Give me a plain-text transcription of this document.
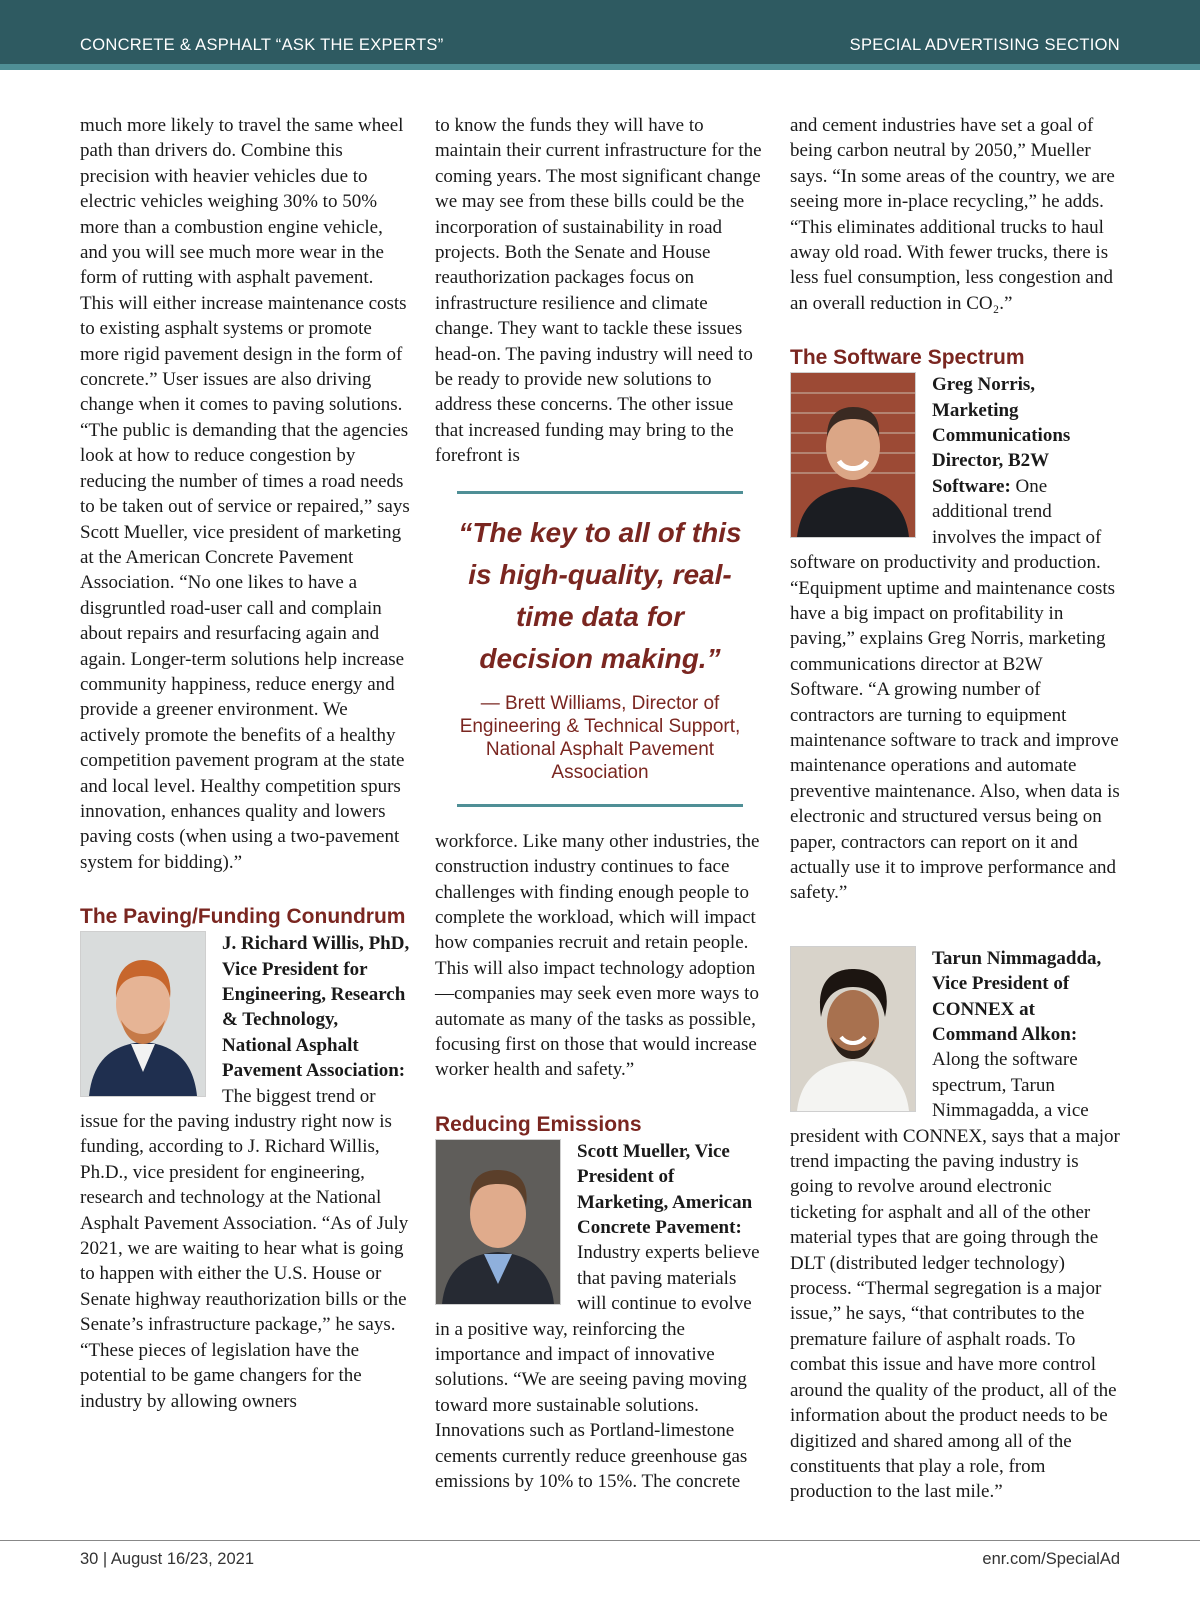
CONCRETE & ASPHALT “ASK THE EXPERTS”	SPECIAL ADVERTISING SECTION

much more likely to travel the same wheel path than drivers do. Combine this precision with heavier vehicles due to electric vehicles weighing 30% to 50% more than a combustion engine vehicle, and you will see much more wear in the form of rutting with asphalt pavement. This will either increase maintenance costs to existing asphalt systems or promote more rigid pavement design in the form of concrete.” User issues are also driving change when it comes to paving solutions. “The public is demanding that the agencies look at how to reduce congestion by reducing the number of times a road needs to be taken out of service or repaired,” says Scott Mueller, vice president of marketing at the American Concrete Pavement Association. “No one likes to have a disgruntled road-user call and complain about repairs and resurfacing again and again. Longer-term solutions help increase community happiness, reduce energy and provide a greener environment. We actively promote the benefits of a healthy competition pavement program at the state and local level. Healthy competition spurs innovation, enhances quality and lowers paving costs (when using a two-pavement system for bidding).”

The Paving/Funding Conundrum

J. Richard Willis, PhD, Vice President for Engineering, Research & Technology, National Asphalt Pavement Association: The biggest trend or issue for the paving industry right now is funding, according to J. Richard Willis, Ph.D., vice president for engineering, research and technology at the National Asphalt Pavement Association. “As of July 2021, we are waiting to hear what is going to happen with either the U.S. House or Senate highway reauthorization bills or the Senate’s infrastructure package,” he says. “These pieces of legislation have the potential to be game changers for the industry by allowing owners

to know the funds they will have to maintain their current infrastructure for the coming years. The most significant change we may see from these bills could be the incorporation of sustainability in road projects. Both the Senate and House reauthorization packages focus on infrastructure resilience and climate change. They want to tackle these issues head-on. The paving industry will need to be ready to provide new solutions to address these concerns. The other issue that increased funding may bring to the forefront is

“The key to all of this is high-quality, real-time data for decision making.”
— Brett Williams, Director of Engineering & Technical Support, National Asphalt Pavement Association

workforce. Like many other industries, the construction industry continues to face challenges with finding enough people to complete the workload, which will impact how companies recruit and retain people. This will also impact technology adoption—companies may seek even more ways to automate as many of the tasks as possible, focusing first on those that would increase worker health and safety.”

Reducing Emissions

Scott Mueller, Vice President of Marketing, American Concrete Pavement: Industry experts believe that paving materials will continue to evolve in a positive way, reinforcing the importance and impact of innovative solutions. “We are seeing paving moving toward more sustainable solutions. Innovations such as Portland-limestone cements currently reduce greenhouse gas emissions by 10% to 15%. The concrete

and cement industries have set a goal of being carbon neutral by 2050,” Mueller says. “In some areas of the country, we are seeing more in-place recycling,” he adds. “This eliminates additional trucks to haul away old road. With fewer trucks, there is less fuel consumption, less congestion and an overall reduction in CO₂.”

The Software Spectrum

Greg Norris, Marketing Communications Director, B2W Software: One additional trend involves the impact of software on productivity and production. “Equipment uptime and maintenance costs have a big impact on profitability in paving,” explains Greg Norris, marketing communications director at B2W Software. “A growing number of contractors are turning to equipment maintenance software to track and improve maintenance operations and automate preventive maintenance. Also, when data is electronic and structured versus being on paper, contractors can report on it and actually use it to improve performance and safety.”

Tarun Nimmagadda, Vice President of CONNEX at Command Alkon: Along the software spectrum, Tarun Nimmagadda, a vice president with CONNEX, says that a major trend impacting the paving industry is going to revolve around electronic ticketing for asphalt and all of the other material types that are going through the DLT (distributed ledger technology) process. “Thermal segregation is a major issue,” he says, “that contributes to the premature failure of asphalt roads. To combat this issue and have more control around the quality of the product, all of the information about the product needs to be digitized and shared among all of the constituents that play a role, from production to the last mile.”

30 | August 16/23, 2021	enr.com/SpecialAd
